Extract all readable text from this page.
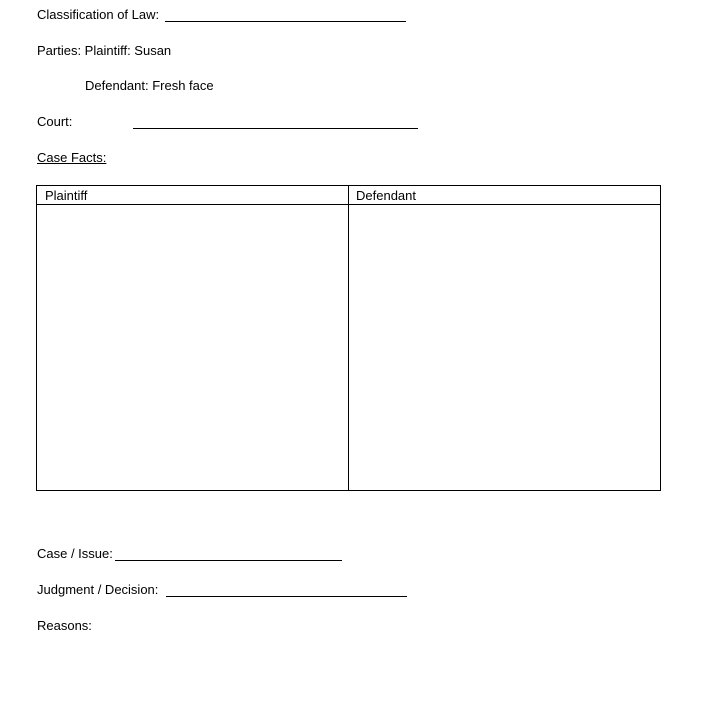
Classification of Law:
Parties: Plaintiff: Susan
Defendant: Fresh face
Court:
Case Facts:
Plaintiff	Defendant
Case / Issue:
Judgment / Decision:
Reasons:
